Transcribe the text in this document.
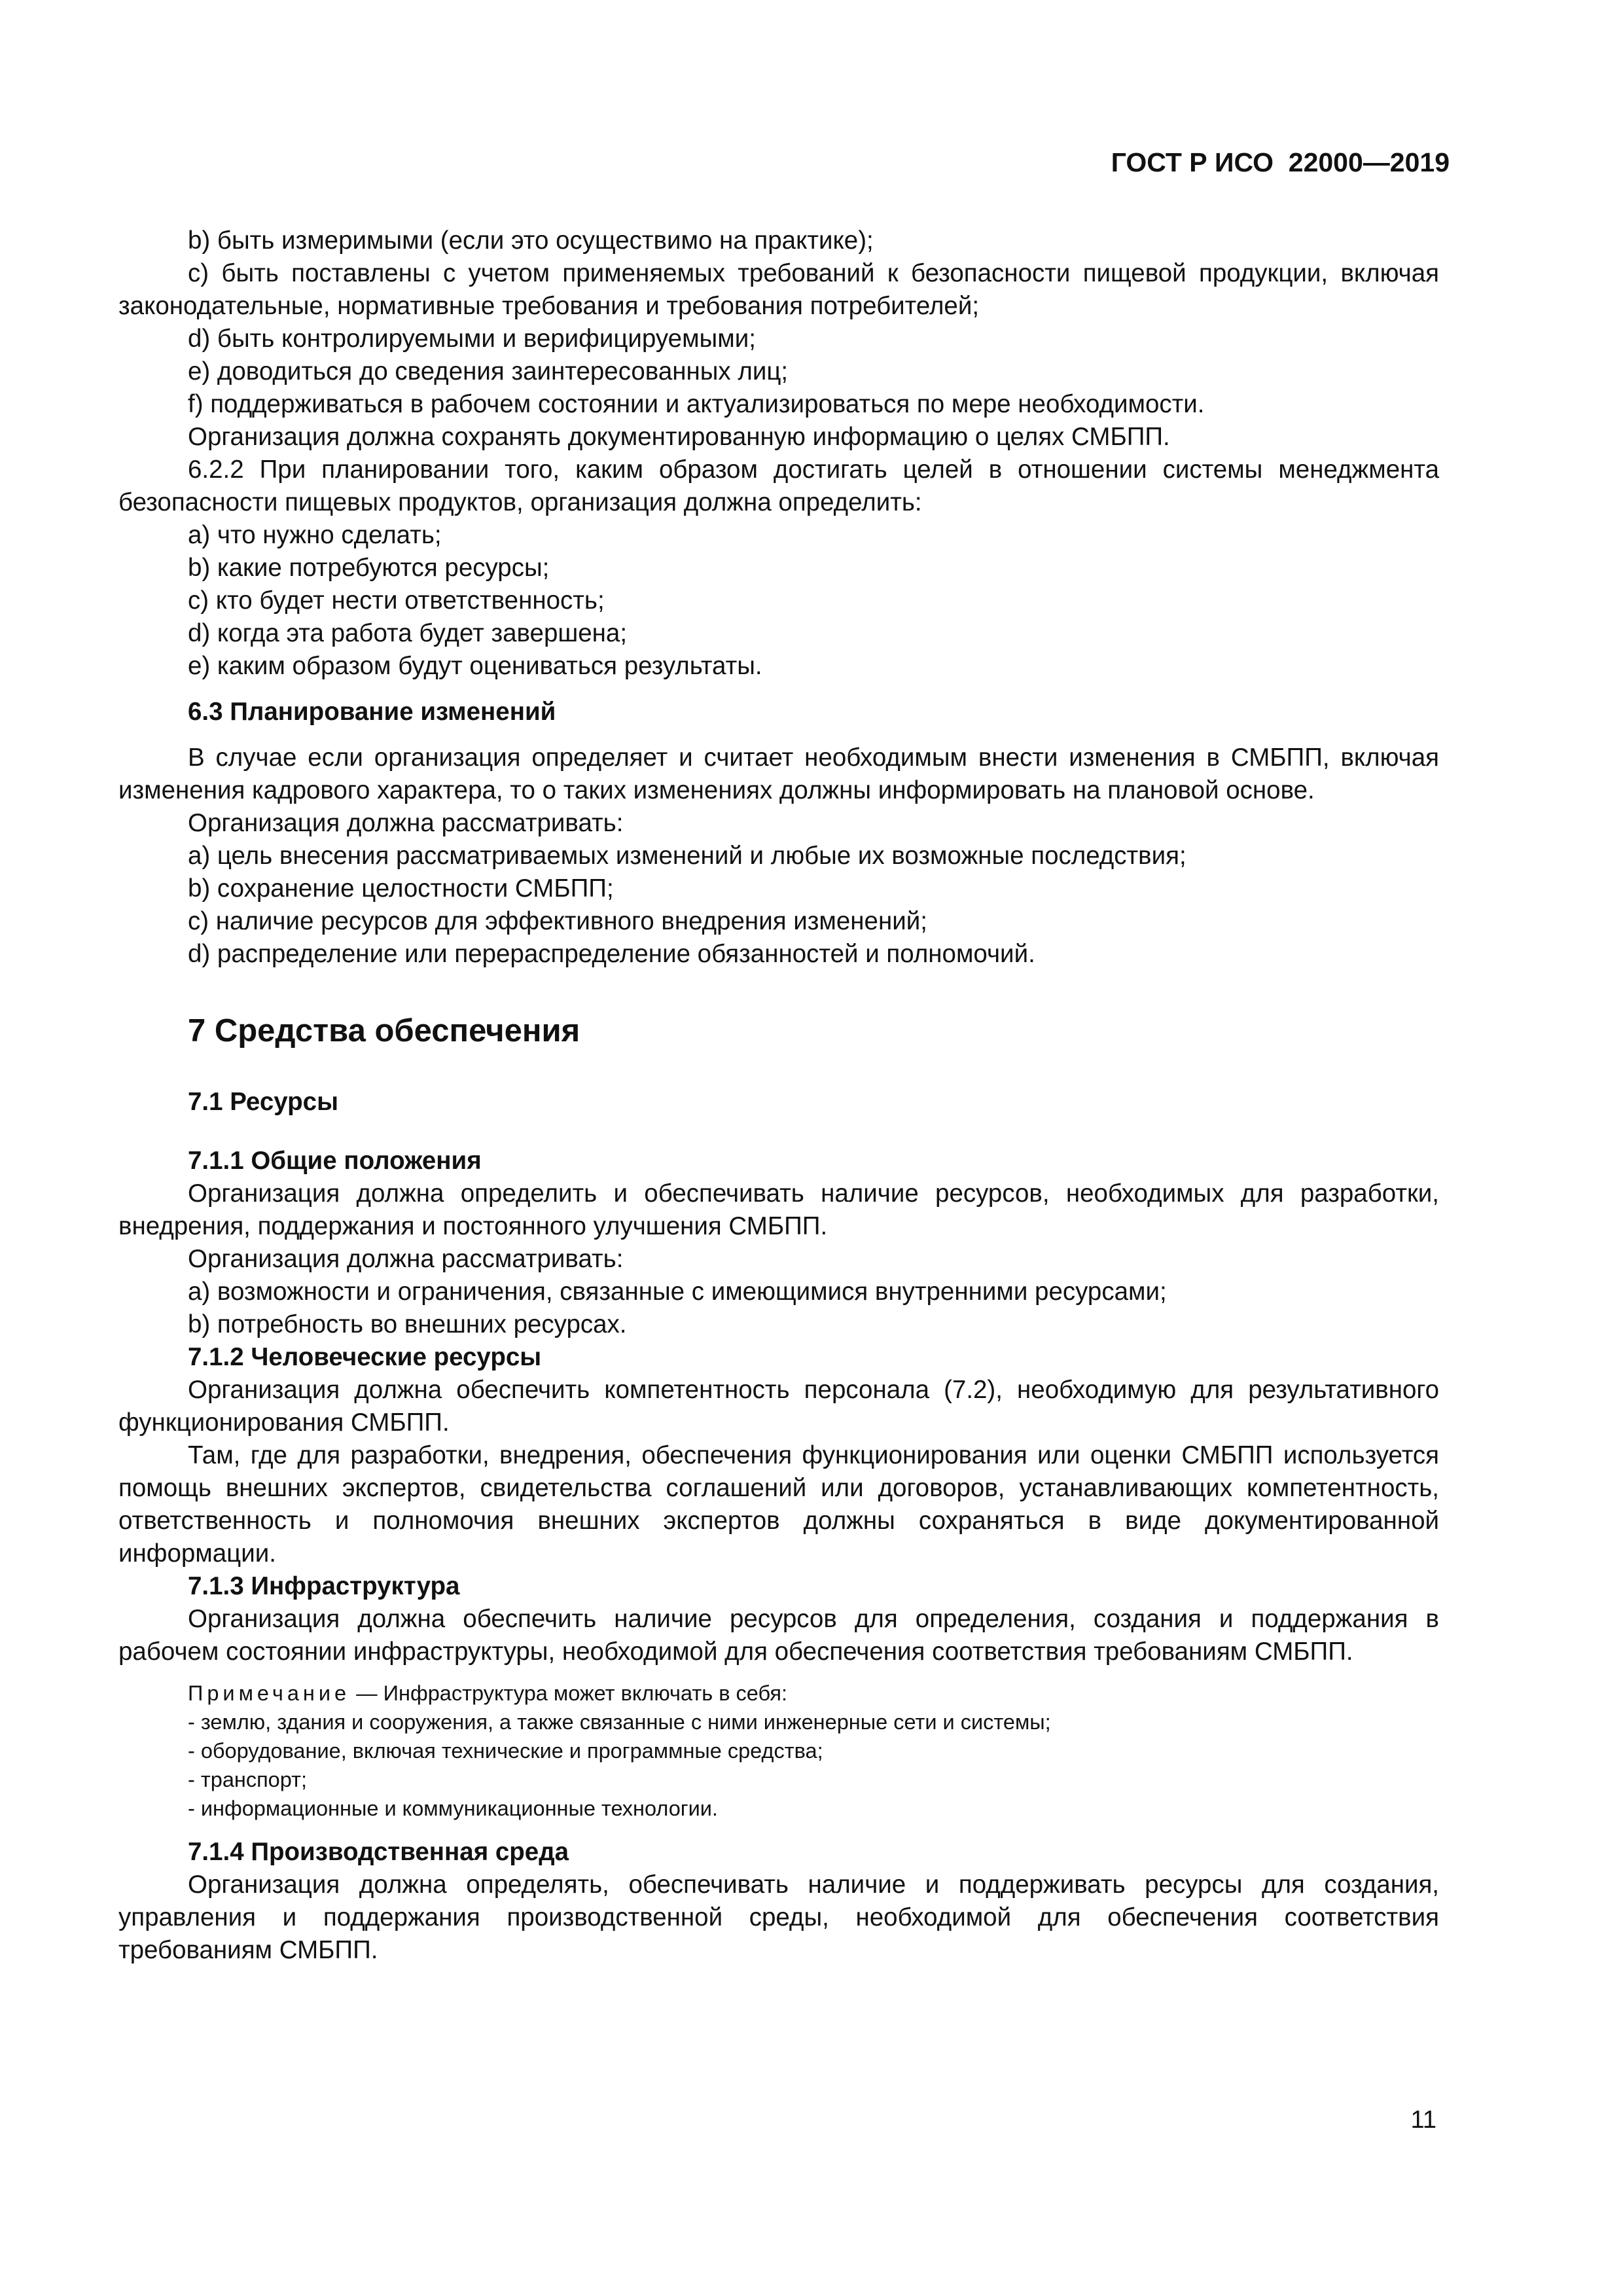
ГОСТ Р ИСО  22000—2019

b) быть измеримыми (если это осуществимо на практике);

c) быть поставлены с учетом применяемых требований к безопасности пищевой продукции, включая законодательные, нормативные требования и требования потребителей;

d) быть контролируемыми и верифицируемыми;

e) доводиться до сведения заинтересованных лиц;

f) поддерживаться в рабочем состоянии и актуализироваться по мере необходимости.

Организация должна сохранять документированную информацию о целях СМБПП.

6.2.2 При планировании того, каким образом достигать целей в отношении системы менеджмента безопасности пищевых продуктов, организация должна определить:

a) что нужно сделать;

b) какие потребуются ресурсы;

c) кто будет нести ответственность;

d) когда эта работа будет завершена;

e) каким образом будут оцениваться результаты.

6.3 Планирование изменений

В случае если организация определяет и считает необходимым внести изменения в СМБПП, включая изменения кадрового характера, то о таких изменениях должны информировать на плановой основе.

Организация должна рассматривать:

a) цель внесения рассматриваемых изменений и любые их возможные последствия;

b) сохранение целостности СМБПП;

c) наличие ресурсов для эффективного внедрения изменений;

d) распределение или перераспределение обязанностей и полномочий.

7 Средства обеспечения

7.1 Ресурсы

7.1.1 Общие положения

Организация должна определить и обеспечивать наличие ресурсов, необходимых для разработки, внедрения, поддержания и постоянного улучшения СМБПП.

Организация должна рассматривать:

a) возможности и ограничения, связанные с имеющимися внутренними ресурсами;

b) потребность во внешних ресурсах.

7.1.2 Человеческие ресурсы

Организация должна обеспечить компетентность персонала (7.2), необходимую для результативного функционирования СМБПП.

Там, где для разработки, внедрения, обеспечения функционирования или оценки СМБПП используется помощь внешних экспертов, свидетельства соглашений или договоров, устанавливающих компетентность, ответственность и полномочия внешних экспертов должны сохраняться в виде документированной информации.

7.1.3 Инфраструктура

Организация должна обеспечить наличие ресурсов для определения, создания и поддержания в рабочем состоянии инфраструктуры, необходимой для обеспечения соответствия требованиям СМБПП.

Примечание — Инфраструктура может включать в себя:

- землю, здания и сооружения, а также связанные с ними инженерные сети и системы;

- оборудование, включая технические и программные средства;

- транспорт;

- информационные и коммуникационные технологии.

7.1.4 Производственная среда

Организация должна определять, обеспечивать наличие и поддерживать ресурсы для создания, управления и поддержания производственной среды, необходимой для обеспечения соответствия требованиям СМБПП.

11
